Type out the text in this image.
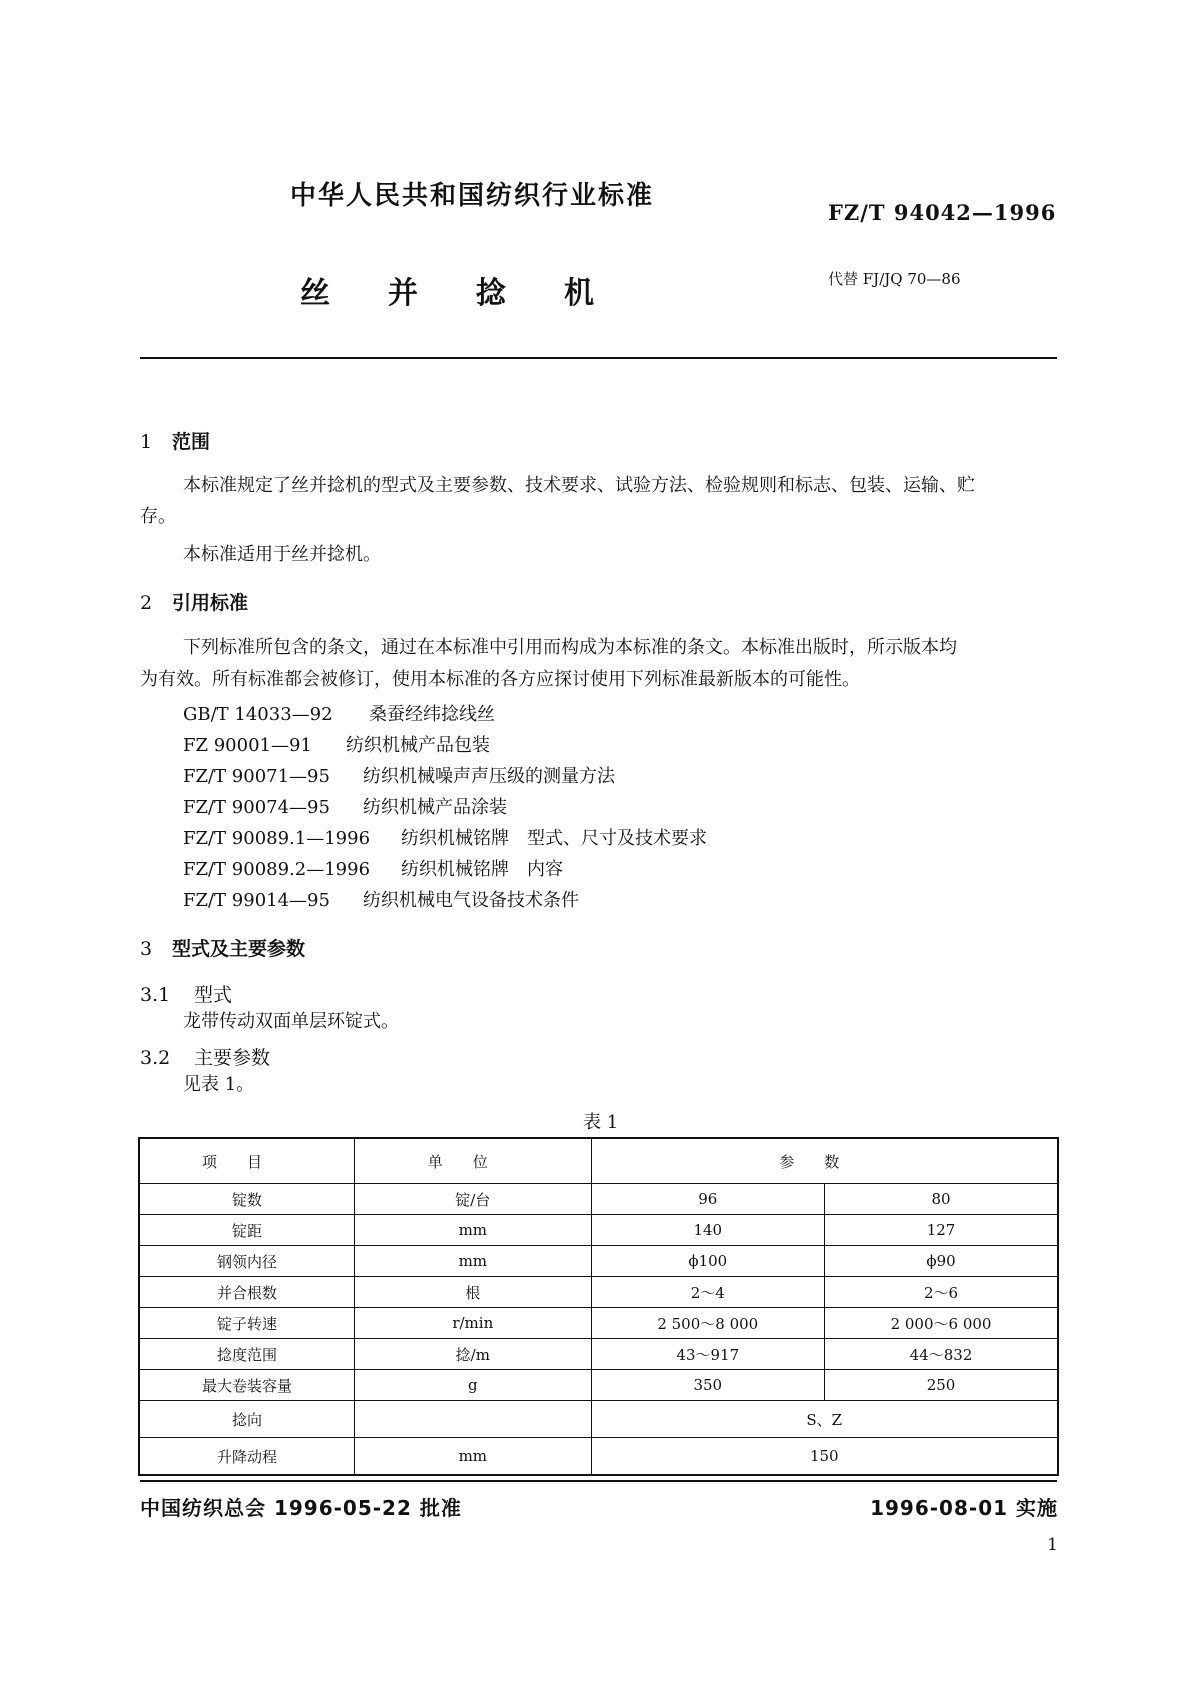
中华人民共和国纺织行业标准
FZ/T 94042—1996
丝并捻机	代替 FJ/JQ 70—86
1 范围
本标准规定了丝并捻机的型式及主要参数、技术要求、试验方法、检验规则和标志、包装、运输、贮
存。
本标准适用于丝并捻机。
2 引用标准
下列标准所包含的条文，通过在本标准中引用而构成为本标准的条文。本标准出版时，所示版本均
为有效。所有标准都会被修订，使用本标准的各方应探讨使用下列标准最新版本的可能性。
GB/T 14033—92 桑蚕经纬捻线丝
FZ 90001—91 纺织机械产品包装
FZ/T 90071—95 纺织机械噪声声压级的测量方法
FZ/T 90074—95 纺织机械产品涂装
FZ/T 90089.1—1996 纺织机械铭牌　型式、尺寸及技术要求
FZ/T 90089.2—1996 纺织机械铭牌　内容
FZ/T 99014—95 纺织机械电气设备技术条件
3 型式及主要参数
3.1 型式
龙带传动双面单层环锭式。
3.2 主要参数
见表 1。
表 1
项目	单位	参数	
锭数	锭/台	96	80
锭距	mm	140	127
钢领内径	mm	ϕ100	ϕ90
并合根数	根	2～4	2～6
锭子转速	r/min	2 500～8 000	2 000～6 000
捻度范围	捻/m	43～917	44～832
最大卷装容量	g	350	250
捻向		S、Z	
升降动程	mm	150	
中国纺织总会 1996-05-22 批准	1996-08-01 实施
1
